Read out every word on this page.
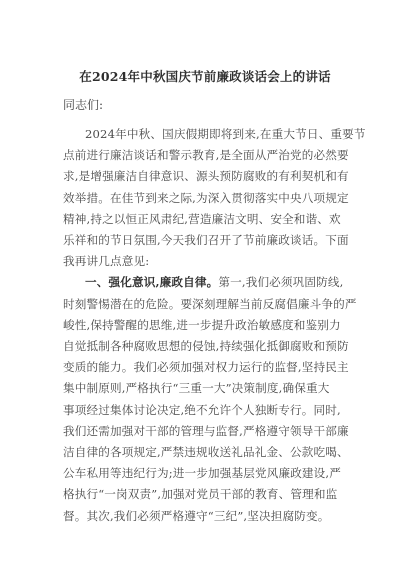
在2024年中秋国庆节前廉政谈话会上的讲话
同志们:
2024年中秋、国庆假期即将到来,在重大节日、重要节
点前进行廉洁谈话和警示教育,是全面从严治党的必然要
求,是增强廉洁自律意识、源头预防腐败的有利契机和有
效举措。在佳节到来之际,为深入贯彻落实中央八项规定
精神,持之以恒正风肃纪,营造廉洁文明、安全和谐、欢
乐祥和的节日氛围,今天我们召开了节前廉政谈话。下面
我再讲几点意见:
一、强化意识,廉政自律。第一,我们必须巩固防线,
时刻警惕潜在的危险。要深刻理解当前反腐倡廉斗争的严
峻性,保持警醒的思维,进一步提升政治敏感度和鉴别力
自觉抵制各种腐败思想的侵蚀,持续强化抵御腐败和预防
变质的能力。我们必须加强对权力运行的监督,坚持民主
集中制原则,严格执行“三重一大”决策制度,确保重大
事项经过集体讨论决定,绝不允许个人独断专行。同时,
我们还需加强对干部的管理与监督,严格遵守领导干部廉
洁自律的各项规定,严禁违规收送礼品礼金、公款吃喝、
公车私用等违纪行为;进一步加强基层党风廉政建设,严
格执行“一岗双责”,加强对党员干部的教育、管理和监
督。其次,我们必须严格遵守“三纪”,坚决担腐防变。
